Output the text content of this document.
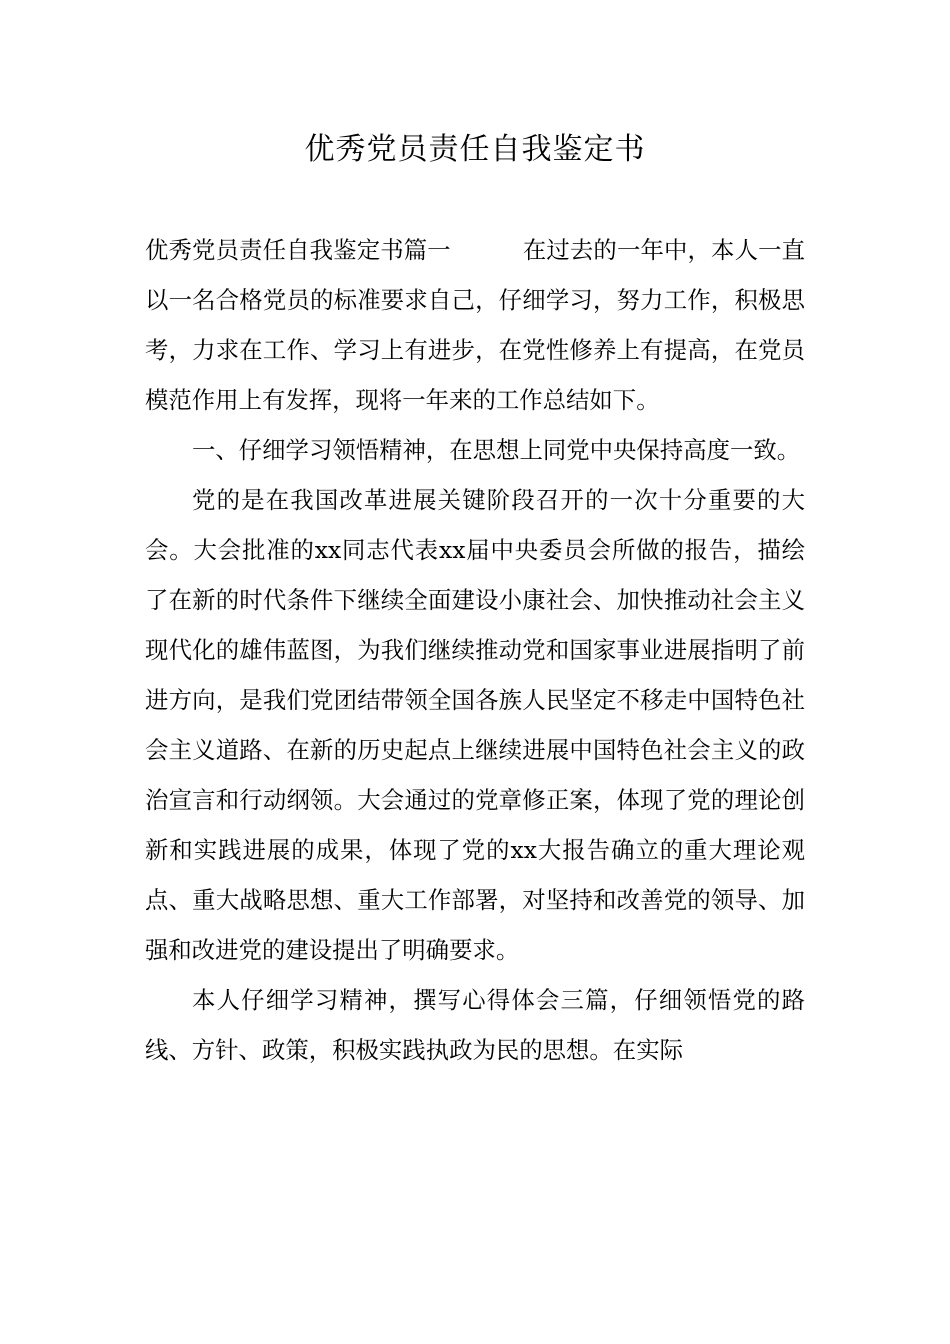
优秀党员责任自我鉴定书

优秀党员责任自我鉴定书篇一	在过去的一年中，本人一直以一名合格党员的标准要求自己，仔细学习，努力工作，积极思考，力求在工作、学习上有进步，在党性修养上有提高，在党员模范作用上有发挥，现将一年来的工作总结如下。

一、仔细学习领悟精神，在思想上同党中央保持高度一致。

党的是在我国改革进展关键阶段召开的一次十分重要的大会。大会批准的xx同志代表xx届中央委员会所做的报告，描绘了在新的时代条件下继续全面建设小康社会、加快推动社会主义现代化的雄伟蓝图，为我们继续推动党和国家事业进展指明了前进方向，是我们党团结带领全国各族人民坚定不移走中国特色社会主义道路、在新的历史起点上继续进展中国特色社会主义的政治宣言和行动纲领。大会通过的党章修正案，体现了党的理论创新和实践进展的成果，体现了党的xx大报告确立的重大理论观点、重大战略思想、重大工作部署，对坚持和改善党的领导、加强和改进党的建设提出了明确要求。

本人仔细学习精神，撰写心得体会三篇，仔细领悟党的路线、方针、政策，积极实践执政为民的思想。在实际
